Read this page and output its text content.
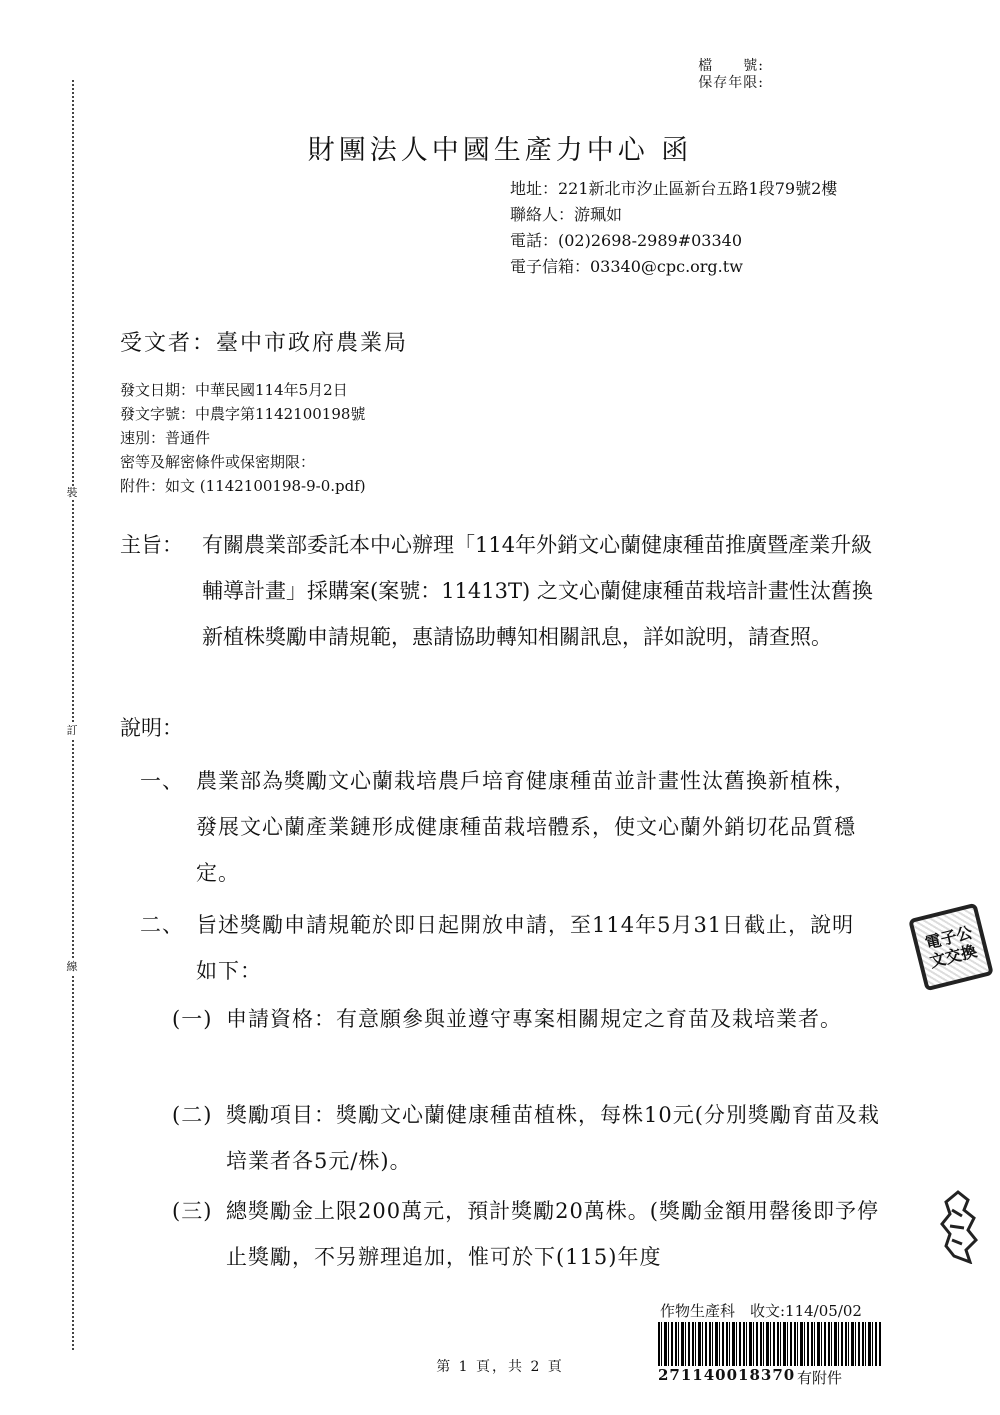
裝
訂
線
檔　　號:
保存年限:
財團法人中國生產力中心 函
地址：221新北市汐止區新台五路1段79號2樓
聯絡人：游珮如
電話：(02)2698-2989#03340
電子信箱：03340@cpc.org.tw
受文者：臺中市政府農業局
發文日期：中華民國114年5月2日
發文字號：中農字第1142100198號
速別：普通件
密等及解密條件或保密期限：
附件：如文 (1142100198-9-0.pdf)
主旨： 有關農業部委託本中心辦理「114年外銷文心蘭健康種苗推廣暨產業升級輔導計畫」採購案(案號：11413T) 之文心蘭健康種苗栽培計畫性汰舊換新植株獎勵申請規範，惠請協助轉知相關訊息，詳如說明，請查照。
說明：
一、 農業部為獎勵文心蘭栽培農戶培育健康種苗並計畫性汰舊換新植株，發展文心蘭產業鏈形成健康種苗栽培體系，使文心蘭外銷切花品質穩定。
二、 旨述獎勵申請規範於即日起開放申請，至114年5月31日截止，說明如下：
(一) 申請資格：有意願參與並遵守專案相關規定之育苗及栽培業者。
(二) 獎勵項目：獎勵文心蘭健康種苗植株，每株10元(分別獎勵育苗及栽培業者各5元/株)。
(三) 總獎勵金上限200萬元，預計獎勵20萬株。(獎勵金額用罄後即予停止獎勵，不另辦理追加，惟可於下(115)年度
電子公文交換
作物生產科　收文:114/05/02
271140018370 有附件
第 1 頁，共 2 頁
